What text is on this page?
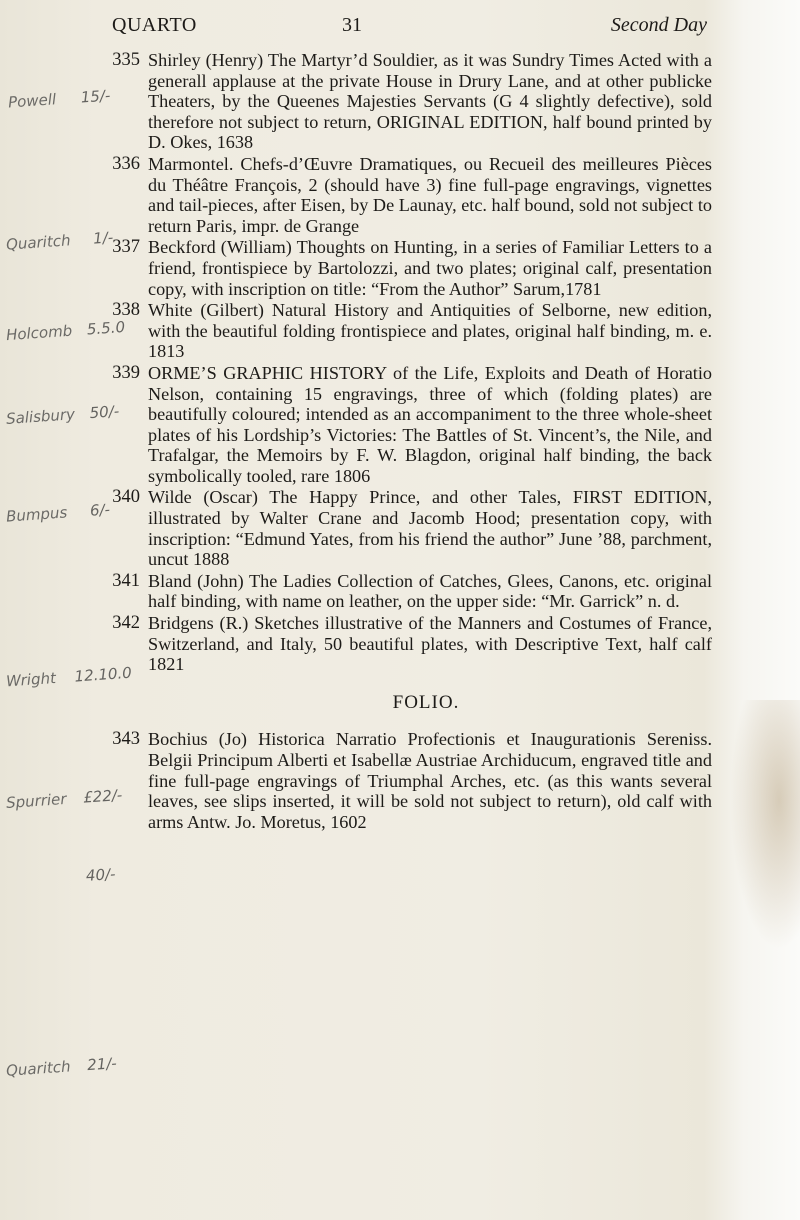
QUARTO	31	Second Day
335 Shirley (Henry) The Martyr’d Souldier, as it was Sundry Times Acted with a generall applause at the private House in Drury Lane, and at other publicke Theaters, by the Queenes Majesties Servants (G 4 slightly defective), sold therefore not subject to return, ORIGINAL EDITION, half bound printed by D. Okes, 1638
336 Marmontel. Chefs-d’Œuvre Dramatiques, ou Recueil des meilleures Pièces du Théâtre François, 2 (should have 3) fine full-page engravings, vignettes and tail-pieces, after Eisen, by De Launay, etc. half bound, sold not subject to return Paris, impr. de Grange
337 Beckford (William) Thoughts on Hunting, in a series of Familiar Letters to a friend, frontispiece by Bartolozzi, and two plates; original calf, presentation copy, with inscription on title: “From the Author” Sarum,1781
338 White (Gilbert) Natural History and Antiquities of Selborne, new edition, with the beautiful folding frontispiece and plates, original half binding, m. e. 1813
339 ORME’S GRAPHIC HISTORY of the Life, Exploits and Death of Horatio Nelson, containing 15 engravings, three of which (folding plates) are beautifully coloured; intended as an accompaniment to the three whole-sheet plates of his Lordship’s Victories: The Battles of St. Vincent’s, the Nile, and Trafalgar, the Memoirs by F. W. Blagdon, original half binding, the back symbolically tooled, rare 1806
340 Wilde (Oscar) The Happy Prince, and other Tales, FIRST EDITION, illustrated by Walter Crane and Jacomb Hood; presentation copy, with inscription: “Edmund Yates, from his friend the author” June ’88, parchment, uncut 1888
341 Bland (John) The Ladies Collection of Catches, Glees, Canons, etc. original half binding, with name on leather, on the upper side: “Mr. Garrick” n. d.
342 Bridgens (R.) Sketches illustrative of the Manners and Costumes of France, Switzerland, and Italy, 50 beautiful plates, with Descriptive Text, half calf 1821
FOLIO.
343 Bochius (Jo) Historica Narratio Profectionis et Inaugurationis Sereniss. Belgii Principum Alberti et Isabellæ Austriae Archiducum, engraved title and fine full-page engravings of Triumphal Arches, etc. (as this wants several leaves, see slips inserted, it will be sold not subject to return), old calf with arms Antw. Jo. Moretus, 1602
Powell 15/-
Quaritch 1/-
Holcomb 5.5.0
Salisbury 50/-
Bumpus 6/-
Wright 12.10.0
Spurrier £22/-
40/-
Quaritch 21/-
